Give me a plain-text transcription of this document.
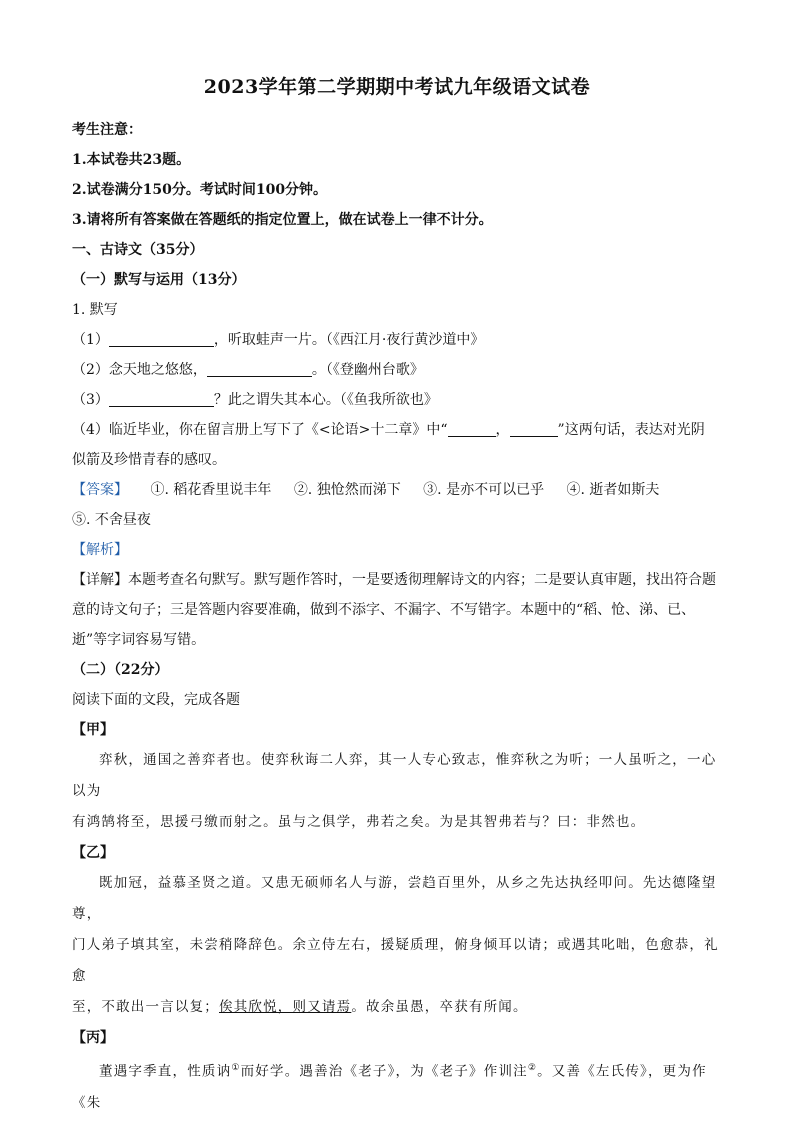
2023学年第二学期期中考试九年级语文试卷
考生注意：
1.本试卷共23题。
2.试卷满分150分。考试时间100分钟。
3.请将所有答案做在答题纸的指定位置上，做在试卷上一律不计分。
一、古诗文（35分）
（一）默写与运用（13分）
1. 默写
（1）	，听取蛙声一片。（《西江月·夜行黄沙道中》
（2）念天地之悠悠，	。（《登幽州台歌》
（3）	？此之谓失其本心。（《鱼我所欲也》
（4）临近毕业，你在留言册上写下了《<论语>十二章》中“	，	”这两句话，表达对光阴
似箭及珍惜青春的感叹。
【答案】 ①. 稻花香里说丰年 ②. 独怆然而涕下 ③. 是亦不可以已乎 ④. 逝者如斯夫
⑤. 不舍昼夜
【解析】
【详解】本题考查名句默写。默写题作答时，一是要透彻理解诗文的内容；二是要认真审题，找出符合题
意的诗文句子；三是答题内容要准确，做到不添字、不漏字、不写错字。本题中的“稻、怆、涕、已、
逝”等字词容易写错。
（二）（22分）
阅读下面的文段，完成各题
【甲】
弈秋，通国之善弈者也。使弈秋诲二人弈，其一人专心致志，惟弈秋之为听；一人虽听之，一心以为
有鸿鹄将至，思援弓缴而射之。虽与之俱学，弗若之矣。为是其智弗若与？曰：非然也。
【乙】
既加冠，益慕圣贤之道。又患无硕师名人与游，尝趋百里外，从乡之先达执经叩问。先达德隆望尊，
门人弟子填其室，未尝稍降辞色。余立侍左右，援疑质理，俯身倾耳以请；或遇其叱咄，色愈恭，礼愈
至，不敢出一言以复；俟其欣悦，则又请焉。故余虽愚，卒获有所闻。
【丙】
董遇字季直，性质讷①而好学。遇善治《老子》，为《老子》作训注②。又善《左氏传》，更为作《朱
